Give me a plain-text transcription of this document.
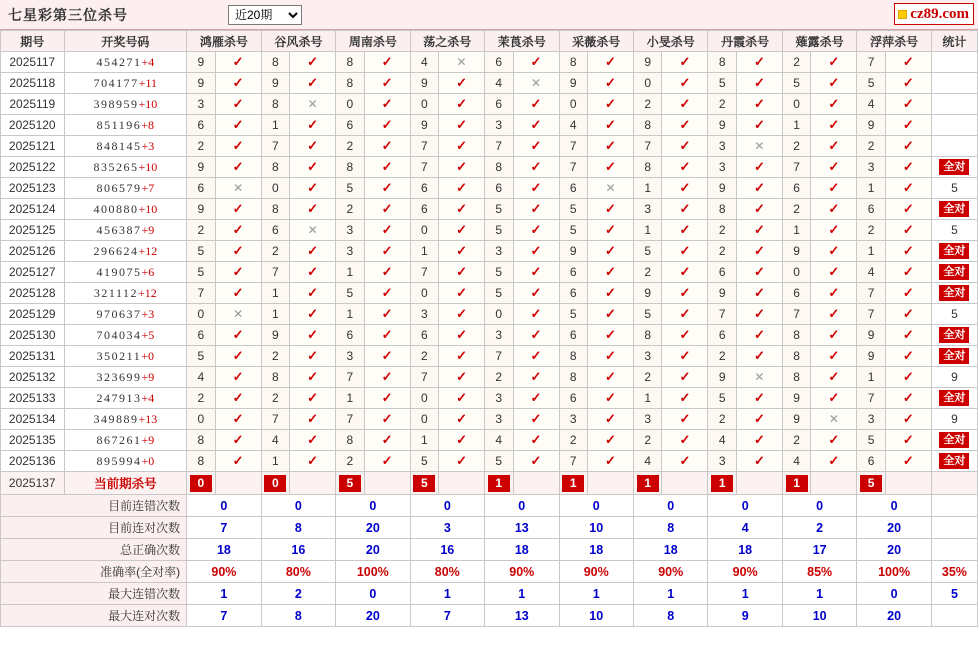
七星彩第三位杀号
近20期	cz89.com
期号	开奖号码	鸿雁杀号		谷风杀号		周南杀号		荡之杀号		茉莨杀号		采薇杀号		小旻杀号		丹霞杀号		薙露杀号		浮萍杀号		统计
2025117	454271+4	9	✓	8	✓	8	✓	4	✕	6	✓	8	✓	9	✓	8	✓	2	✓	7	✓	
2025118	704177+11	9	✓	9	✓	8	✓	9	✓	4	✕	9	✓	0	✓	5	✓	5	✓	5	✓	
2025119	398959+10	3	✓	8	✕	0	✓	0	✓	6	✓	0	✓	2	✓	2	✓	0	✓	4	✓	
2025120	851196+8	6	✓	1	✓	6	✓	9	✓	3	✓	4	✓	8	✓	9	✓	1	✓	9	✓	
2025121	848145+3	2	✓	7	✓	2	✓	7	✓	7	✓	7	✓	7	✓	3	✕	2	✓	2	✓	
2025122	835265+10	9	✓	8	✓	8	✓	7	✓	8	✓	7	✓	8	✓	3	✓	7	✓	3	✓	全对
2025123	806579+7	6	✕	0	✓	5	✓	6	✓	6	✓	6	✕	1	✓	9	✓	6	✓	1	✓	5
2025124	400880+10	9	✓	8	✓	2	✓	6	✓	5	✓	5	✓	3	✓	8	✓	2	✓	6	✓	全对
2025125	456387+9	2	✓	6	✕	3	✓	0	✓	5	✓	5	✓	1	✓	2	✓	1	✓	2	✓	5
2025126	296624+12	5	✓	2	✓	3	✓	1	✓	3	✓	9	✓	5	✓	2	✓	9	✓	1	✓	全对
2025127	419075+6	5	✓	7	✓	1	✓	7	✓	5	✓	6	✓	2	✓	6	✓	0	✓	4	✓	全对
2025128	321112+12	7	✓	1	✓	5	✓	0	✓	5	✓	6	✓	9	✓	9	✓	6	✓	7	✓	全对
2025129	970637+3	0	✕	1	✓	1	✓	3	✓	0	✓	5	✓	5	✓	7	✓	7	✓	7	✓	5
2025130	704034+5	6	✓	9	✓	6	✓	6	✓	3	✓	6	✓	8	✓	6	✓	8	✓	9	✓	全对
2025131	350211+0	5	✓	2	✓	3	✓	2	✓	7	✓	8	✓	3	✓	2	✓	8	✓	9	✓	全对
2025132	323699+9	4	✓	8	✓	7	✓	7	✓	2	✓	8	✓	2	✓	9	✕	8	✓	1	✓	9
2025133	247913+4	2	✓	2	✓	1	✓	0	✓	3	✓	6	✓	1	✓	5	✓	9	✓	7	✓	全对
2025134	349889+13	0	✓	7	✓	7	✓	0	✓	3	✓	3	✓	3	✓	2	✓	9	✕	3	✓	9
2025135	867261+9	8	✓	4	✓	8	✓	1	✓	4	✓	2	✓	2	✓	4	✓	2	✓	5	✓	全对
2025136	895994+0	8	✓	1	✓	2	✓	5	✓	5	✓	7	✓	4	✓	3	✓	4	✓	6	✓	全对
2025137	当前期杀号	0		0		5		5		1		1		1		1		1		5		
目前连错次数		0		0		0		0		0		0		0		0		0		0		
目前连对次数		7		8		20		3		13		10		8		4		2		20		
总正确次数		18		16		20		16		18		18		18		18		17		20		
准确率(全对率)		90%		80%		100%		80%		90%		90%		90%		90%		85%		100%		35%
最大连错次数		1		2		0		1		1		1		1		1		1		0		5
最大连对次数		7		8		20		7		13		10		8		9		10		20		
